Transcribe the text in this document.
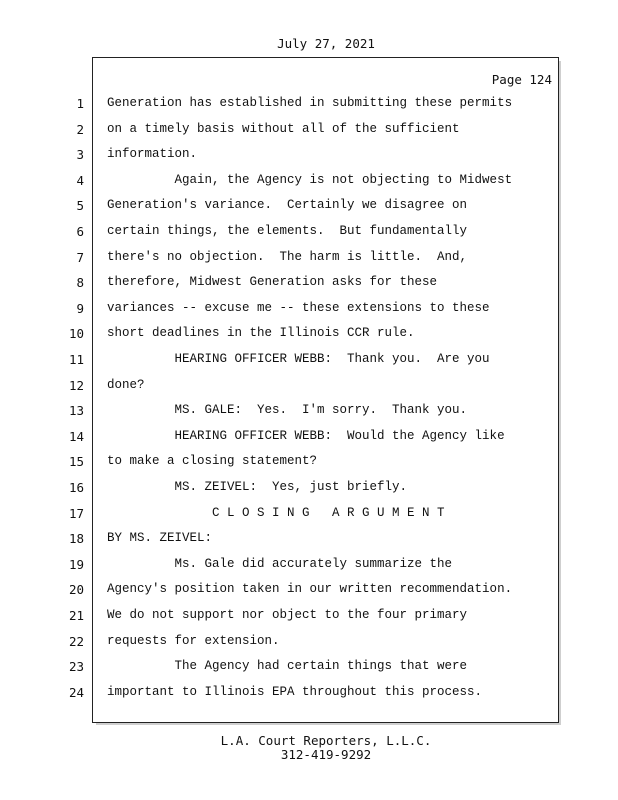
July 27, 2021
Page 124
1 Generation has established in submitting these permits
2 on a timely basis without all of the sufficient
3 information.
4 Again, the Agency is not objecting to Midwest
5 Generation's variance.  Certainly we disagree on
6 certain things, the elements.  But fundamentally
7 there's no objection.  The harm is little.  And,
8 therefore, Midwest Generation asks for these
9 variances -- excuse me -- these extensions to these
10 short deadlines in the Illinois CCR rule.
11 HEARING OFFICER WEBB:  Thank you.  Are you
12 done?
13 MS. GALE:  Yes.  I'm sorry.  Thank you.
14 HEARING OFFICER WEBB:  Would the Agency like
15 to make a closing statement?
16 MS. ZEIVEL:  Yes, just briefly.
17 C L O S I N G   A R G U M E N T
18 BY MS. ZEIVEL:
19 Ms. Gale did accurately summarize the
20 Agency's position taken in our written recommendation.
21 We do not support nor object to the four primary
22 requests for extension.
23 The Agency had certain things that were
24 important to Illinois EPA throughout this process.
L.A. Court Reporters, L.L.C.
312-419-9292
